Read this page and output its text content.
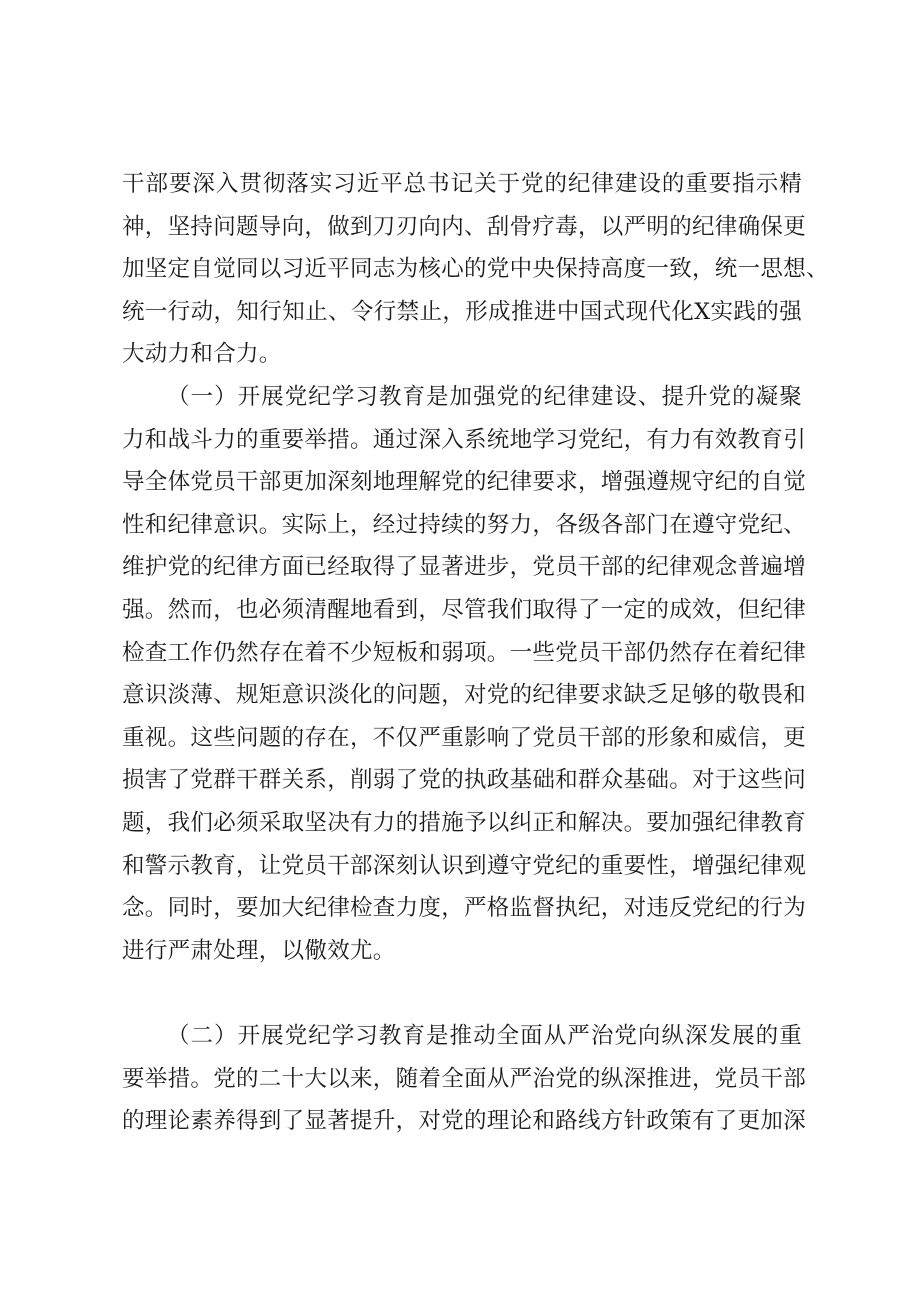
干部要深入贯彻落实习近平总书记关于党的纪律建设的重要指示精
神，坚持问题导向，做到刀刃向内、刮骨疗毒，以严明的纪律确保更
加坚定自觉同以习近平同志为核心的党中央保持高度一致，统一思想、
统一行动，知行知止、令行禁止，形成推进中国式现代化X实践的强
大动力和合力。
（一）开展党纪学习教育是加强党的纪律建设、提升党的凝聚
力和战斗力的重要举措。通过深入系统地学习党纪，有力有效教育引
导全体党员干部更加深刻地理解党的纪律要求，增强遵规守纪的自觉
性和纪律意识。实际上，经过持续的努力，各级各部门在遵守党纪、
维护党的纪律方面已经取得了显著进步，党员干部的纪律观念普遍增
强。然而，也必须清醒地看到，尽管我们取得了一定的成效，但纪律
检查工作仍然存在着不少短板和弱项。一些党员干部仍然存在着纪律
意识淡薄、规矩意识淡化的问题，对党的纪律要求缺乏足够的敬畏和
重视。这些问题的存在，不仅严重影响了党员干部的形象和威信，更
损害了党群干群关系，削弱了党的执政基础和群众基础。对于这些问
题，我们必须采取坚决有力的措施予以纠正和解决。要加强纪律教育
和警示教育，让党员干部深刻认识到遵守党纪的重要性，增强纪律观
念。同时，要加大纪律检查力度，严格监督执纪，对违反党纪的行为
进行严肃处理，以儆效尤。
（二）开展党纪学习教育是推动全面从严治党向纵深发展的重
要举措。党的二十大以来，随着全面从严治党的纵深推进，党员干部
的理论素养得到了显著提升，对党的理论和路线方针政策有了更加深
